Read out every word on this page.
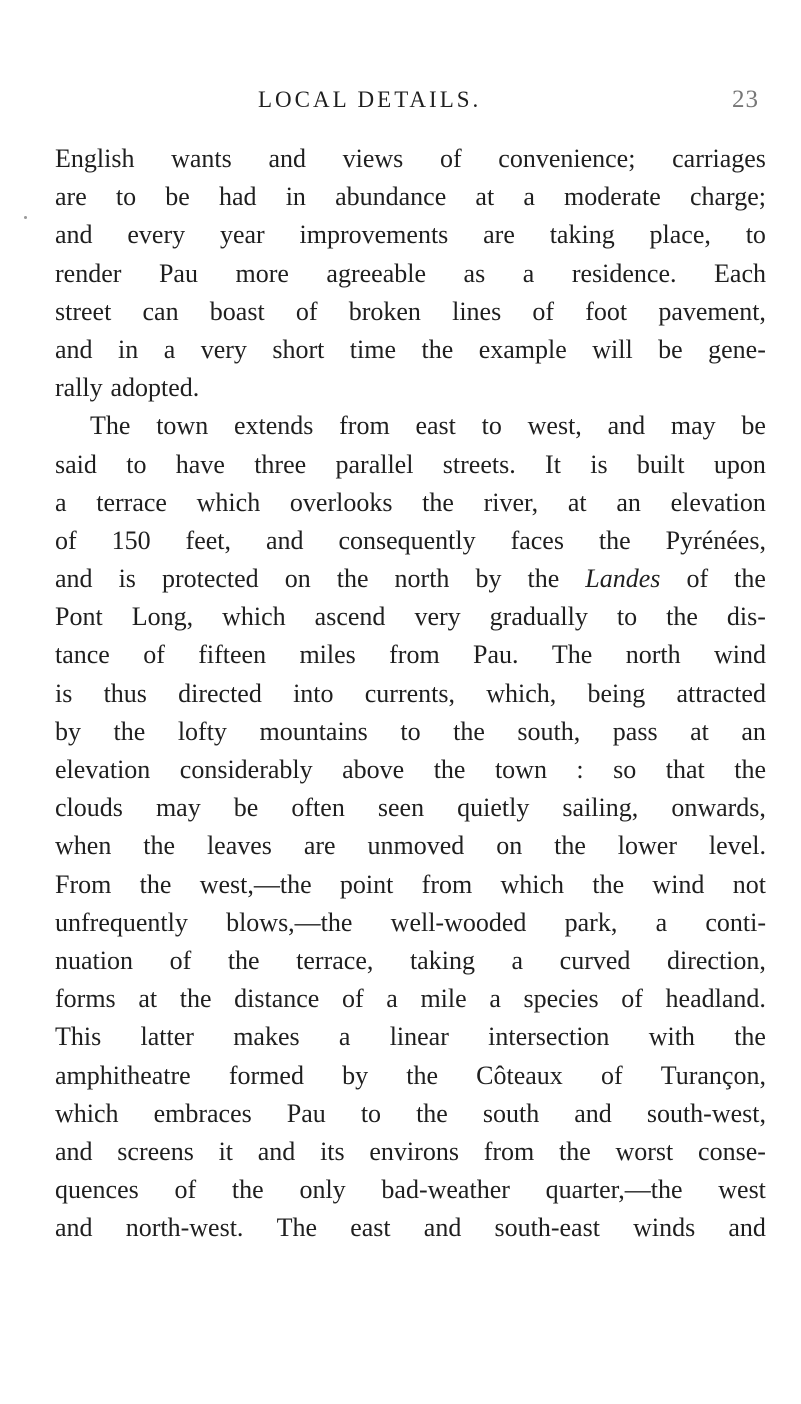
LOCAL DETAILS.	23
English wants and views of convenience; carriages
are to be had in abundance at a moderate charge;
and every year improvements are taking place, to
render Pau more agreeable as a residence. Each
street can boast of broken lines of foot pavement,
and in a very short time the example will be gene-
rally adopted.
The town extends from east to west, and may be
said to have three parallel streets. It is built upon
a terrace which overlooks the river, at an elevation
of 150 feet, and consequently faces the Pyrénées,
and is protected on the north by the Landes of the
Pont Long, which ascend very gradually to the dis-
tance of fifteen miles from Pau. The north wind
is thus directed into currents, which, being attracted
by the lofty mountains to the south, pass at an
elevation considerably above the town : so that the
clouds may be often seen quietly sailing, onwards,
when the leaves are unmoved on the lower level.
From the west,—the point from which the wind not
unfrequently blows,—the well-wooded park, a conti-
nuation of the terrace, taking a curved direction,
forms at the distance of a mile a species of headland.
This latter makes a linear intersection with the
amphitheatre formed by the Côteaux of Turançon,
which embraces Pau to the south and south-west,
and screens it and its environs from the worst conse-
quences of the only bad-weather quarter,—the west
and north-west. The east and south-east winds and
